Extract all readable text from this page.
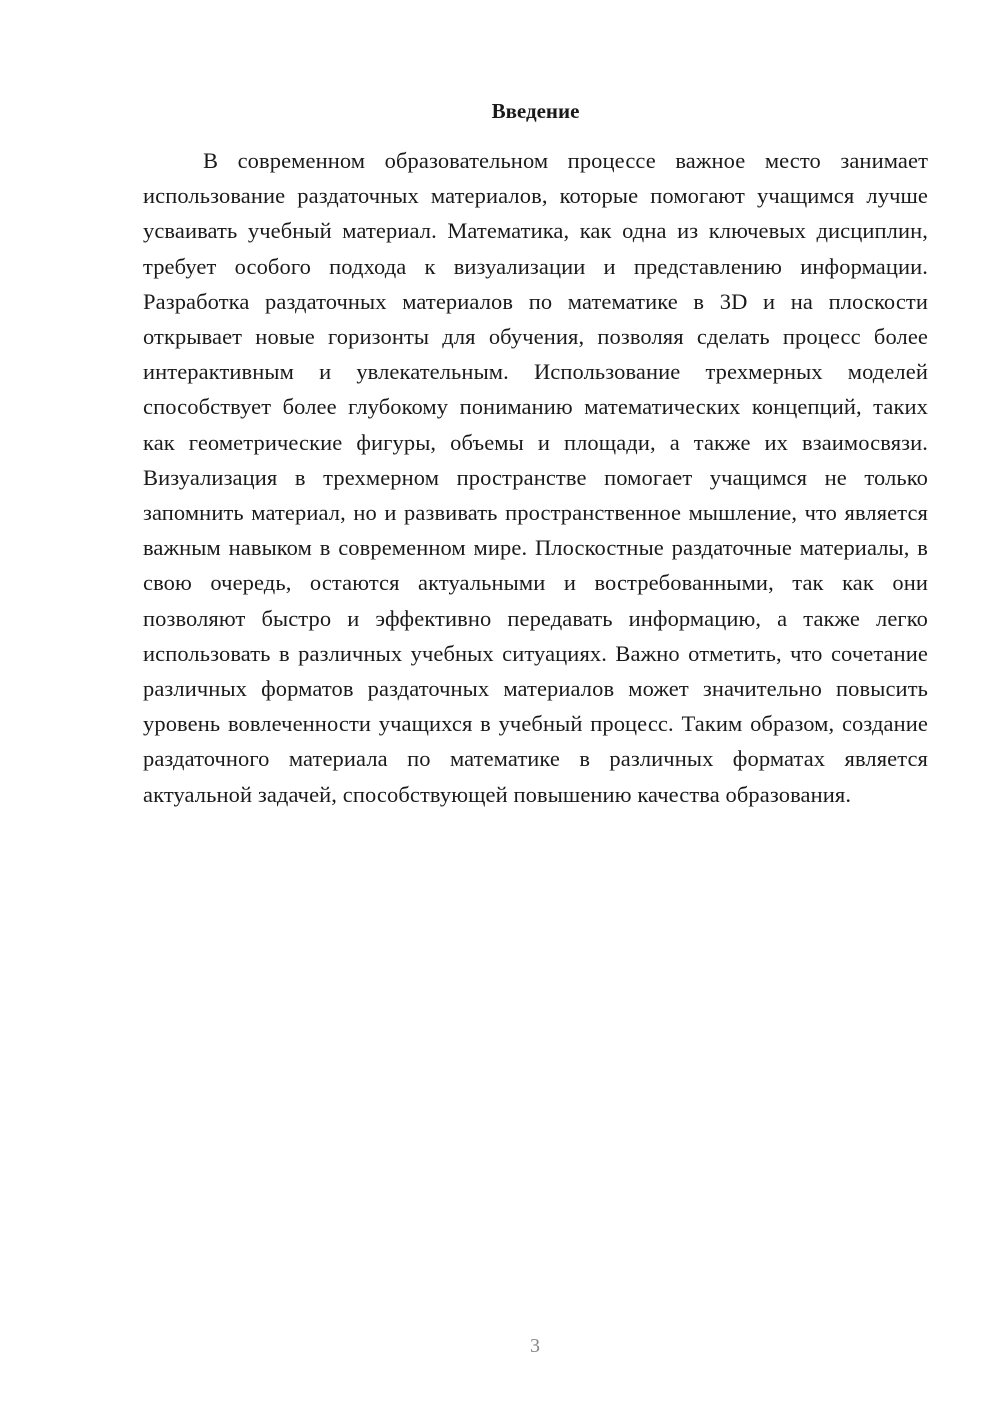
Введение

В современном образовательном процессе важное место занимает использование раздаточных материалов, которые помогают учащимся лучше усваивать учебный материал. Математика, как одна из ключевых дисциплин, требует особого подхода к визуализации и представлению информации. Разработка раздаточных материалов по математике в 3D и на плоскости открывает новые горизонты для обучения, позволяя сделать процесс более интерактивным и увлекательным. Использование трехмерных моделей способствует более глубокому пониманию математических концепций, таких как геометрические фигуры, объемы и площади, а также их взаимосвязи. Визуализация в трехмерном пространстве помогает учащимся не только запомнить материал, но и развивать пространственное мышление, что является важным навыком в современном мире. Плоскостные раздаточные материалы, в свою очередь, остаются актуальными и востребованными, так как они позволяют быстро и эффективно передавать информацию, а также легко использовать в различных учебных ситуациях. Важно отметить, что сочетание различных форматов раздаточных материалов может значительно повысить уровень вовлеченности учащихся в учебный процесс. Таким образом, создание раздаточного материала по математике в различных форматах является актуальной задачей, способствующей повышению качества образования.

3
